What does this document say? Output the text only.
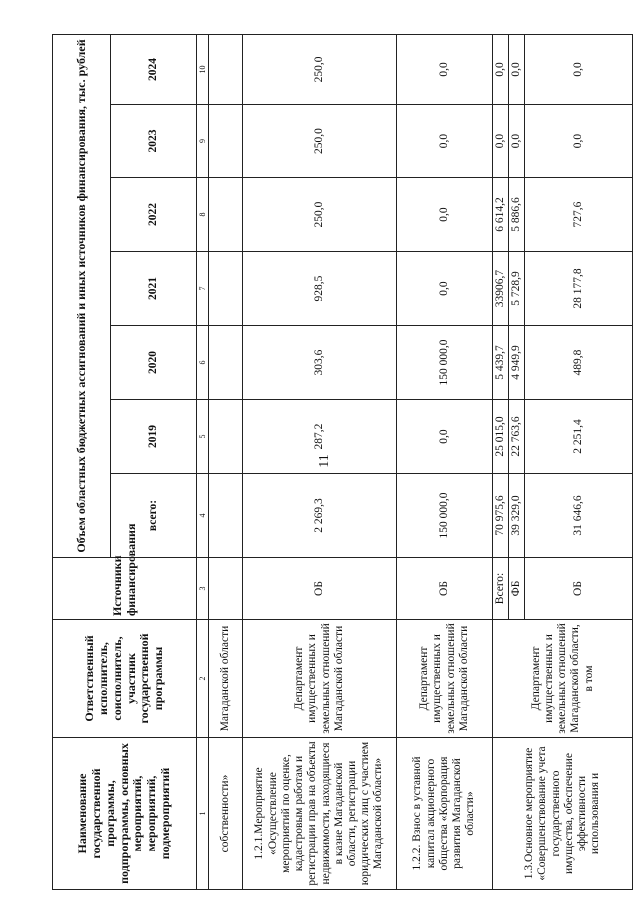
11
Наименование государственной программы, подпрограммы, основных мероприятий, мероприятий, подмероприятий	Ответственный исполнитель, соисполнитель, участник государственной программы	Источники финансирования	Объем областных бюджетных ассигнований и иных источников финансирования, тыс. рублей						
			всего:	2019	2020	2021	2022	2023	2024
1	2	3	4	5	6	7	8	9	10
собственности»	Магаданской области								
1.2.1.Мероприятие «Осуществление мероприятий по оценке, кадастровым работам и регистрации прав на объекты недвижимости, находящиеся в казне Магаданской области, регистрации юридических лиц с участием Магаданской области»	Департамент имущественных и земельных отношений Магаданской области	ОБ	2 269,3	287,2	303,6	928,5	250,0	250,0	250,0
1.2.2. Взнос в уставной капитал акционерного общества «Корпорация развития Магаданской области»	Департамент имущественных и земельных отношений Магаданской области	ОБ	150 000,0	0,0	150 000,0	0,0	0,0	0,0	0,0
1.3.Основное мероприятие «Совершенствование учета государственного имущества, обеспечение эффективности использования и	Департамент имущественных и земельных отношений Магаданской области, в том	Всего:	70 975,6	25 015,0	5 439,7	33906,7	6 614,2	0,0	0,0
		ФБ	39 329,0	22 763,6	4 949,9	5 728,9	5 886,6	0,0	0,0
		ОБ	31 646,6	2 251,4	489,8	28 177,8	727,6	0,0	0,0
